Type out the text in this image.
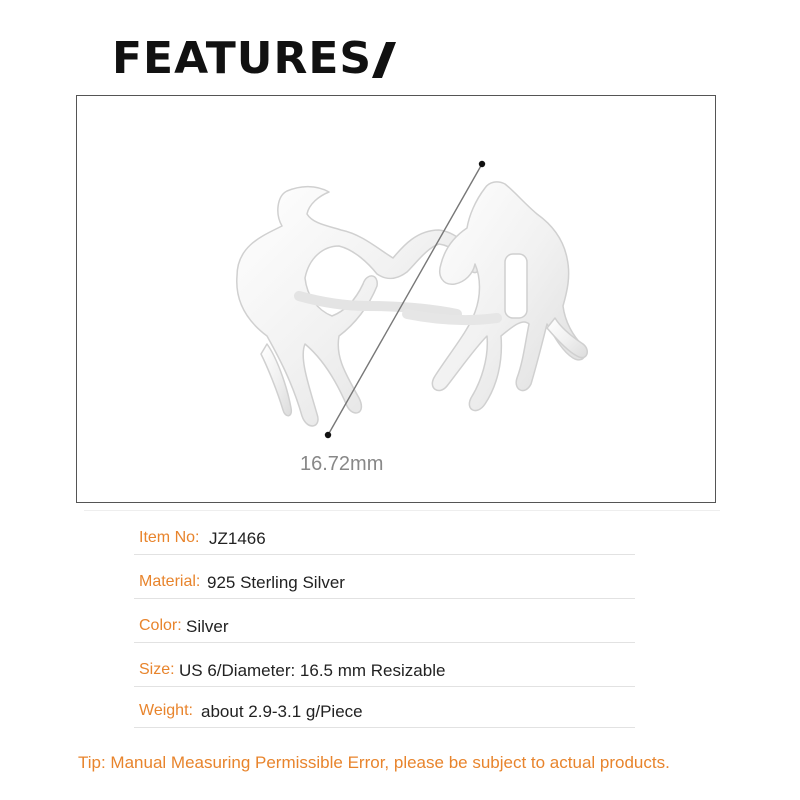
FEATURES
16.72mm
Item No: JZ1466
Material: 925 Sterling Silver
Color: Silver
Size: US 6/Diameter: 16.5 mm Resizable
Weight: about 2.9-3.1 g/Piece
Tip: Manual Measuring Permissible Error, please be subject to actual products.
